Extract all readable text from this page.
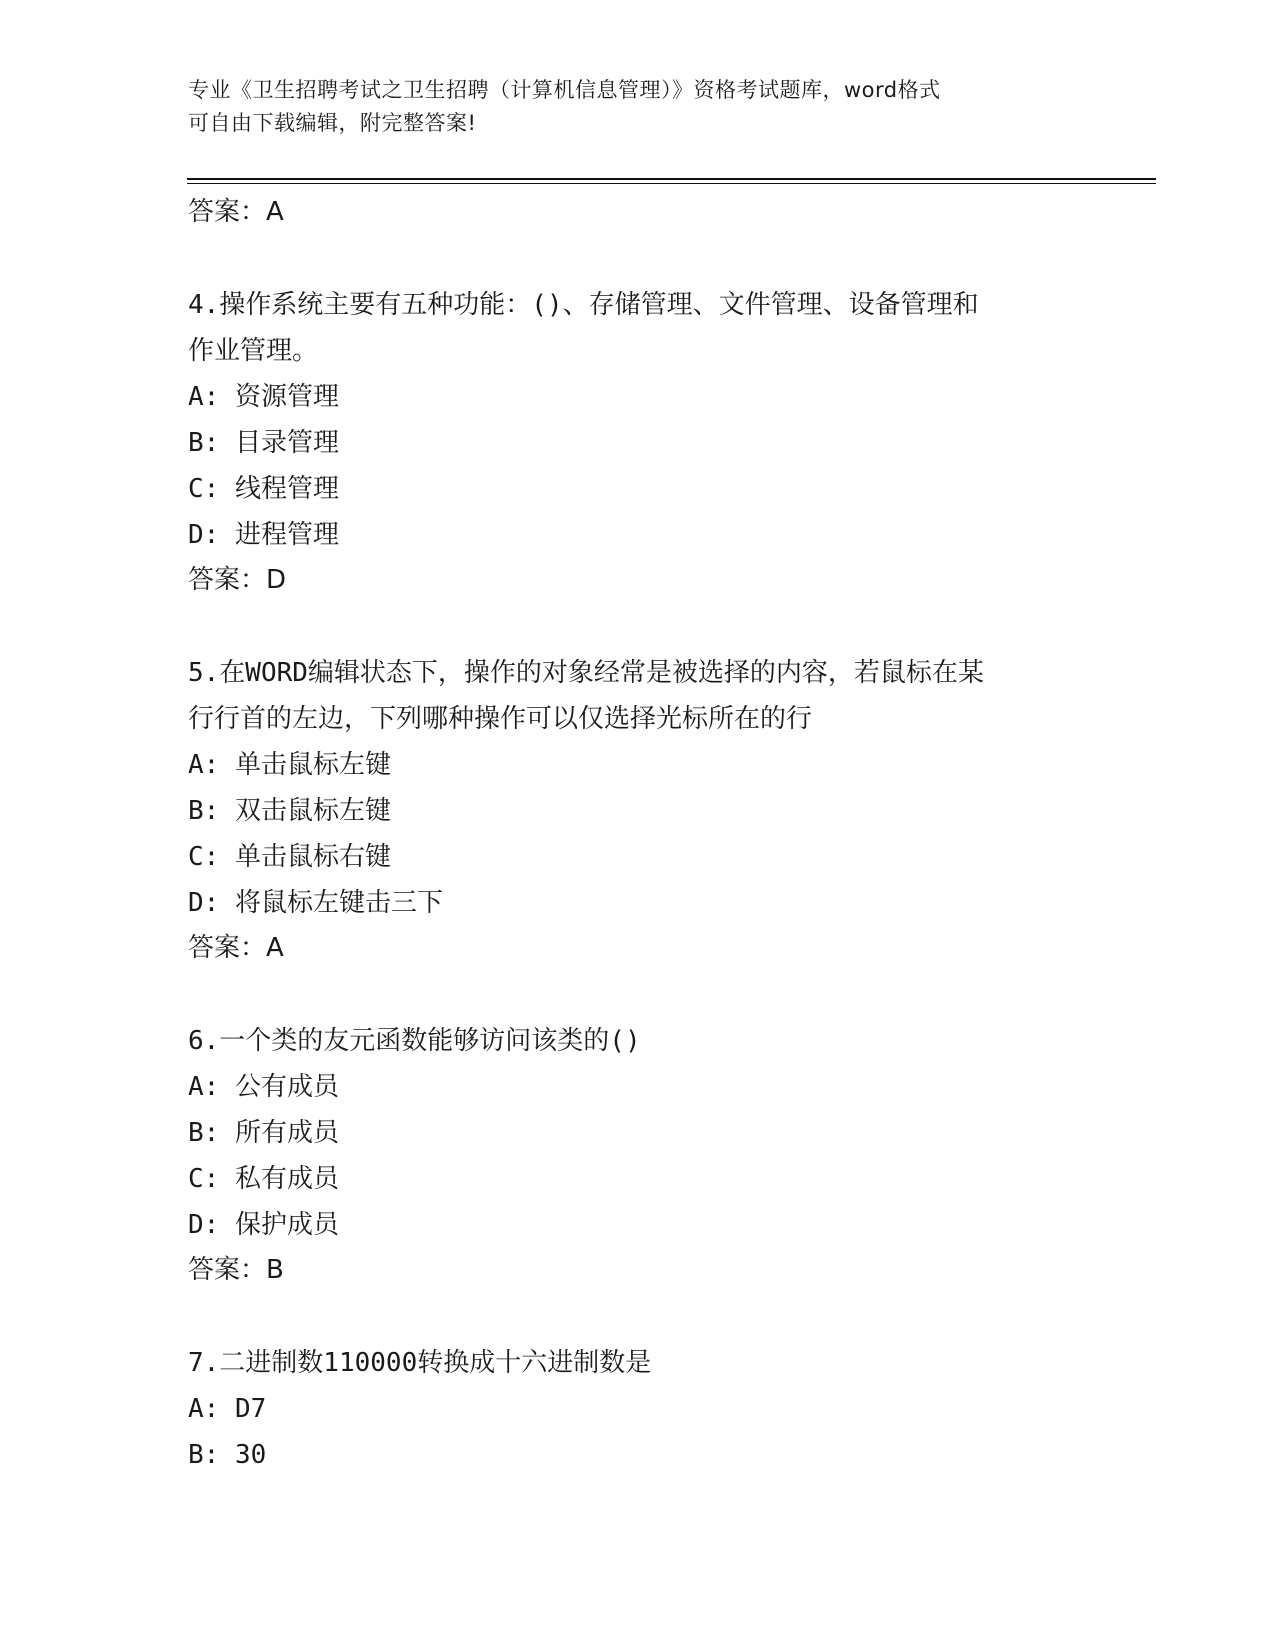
专业《卫生招聘考试之卫生招聘（计算机信息管理）》资格考试题库，word格式
可自由下载编辑，附完整答案!

答案：A

4.操作系统主要有五种功能：()、存储管理、文件管理、设备管理和

作业管理。

A: 资源管理

B: 目录管理

C: 线程管理

D: 进程管理

答案：D

5.在WORD编辑状态下，操作的对象经常是被选择的内容，若鼠标在某

行行首的左边，下列哪种操作可以仅选择光标所在的行

A: 单击鼠标左键

B: 双击鼠标左键

C: 单击鼠标右键

D: 将鼠标左键击三下

答案：A

6.一个类的友元函数能够访问该类的()

A: 公有成员

B: 所有成员

C: 私有成员

D: 保护成员

答案：B

7.二进制数110000转换成十六进制数是

A: D7

B: 30
